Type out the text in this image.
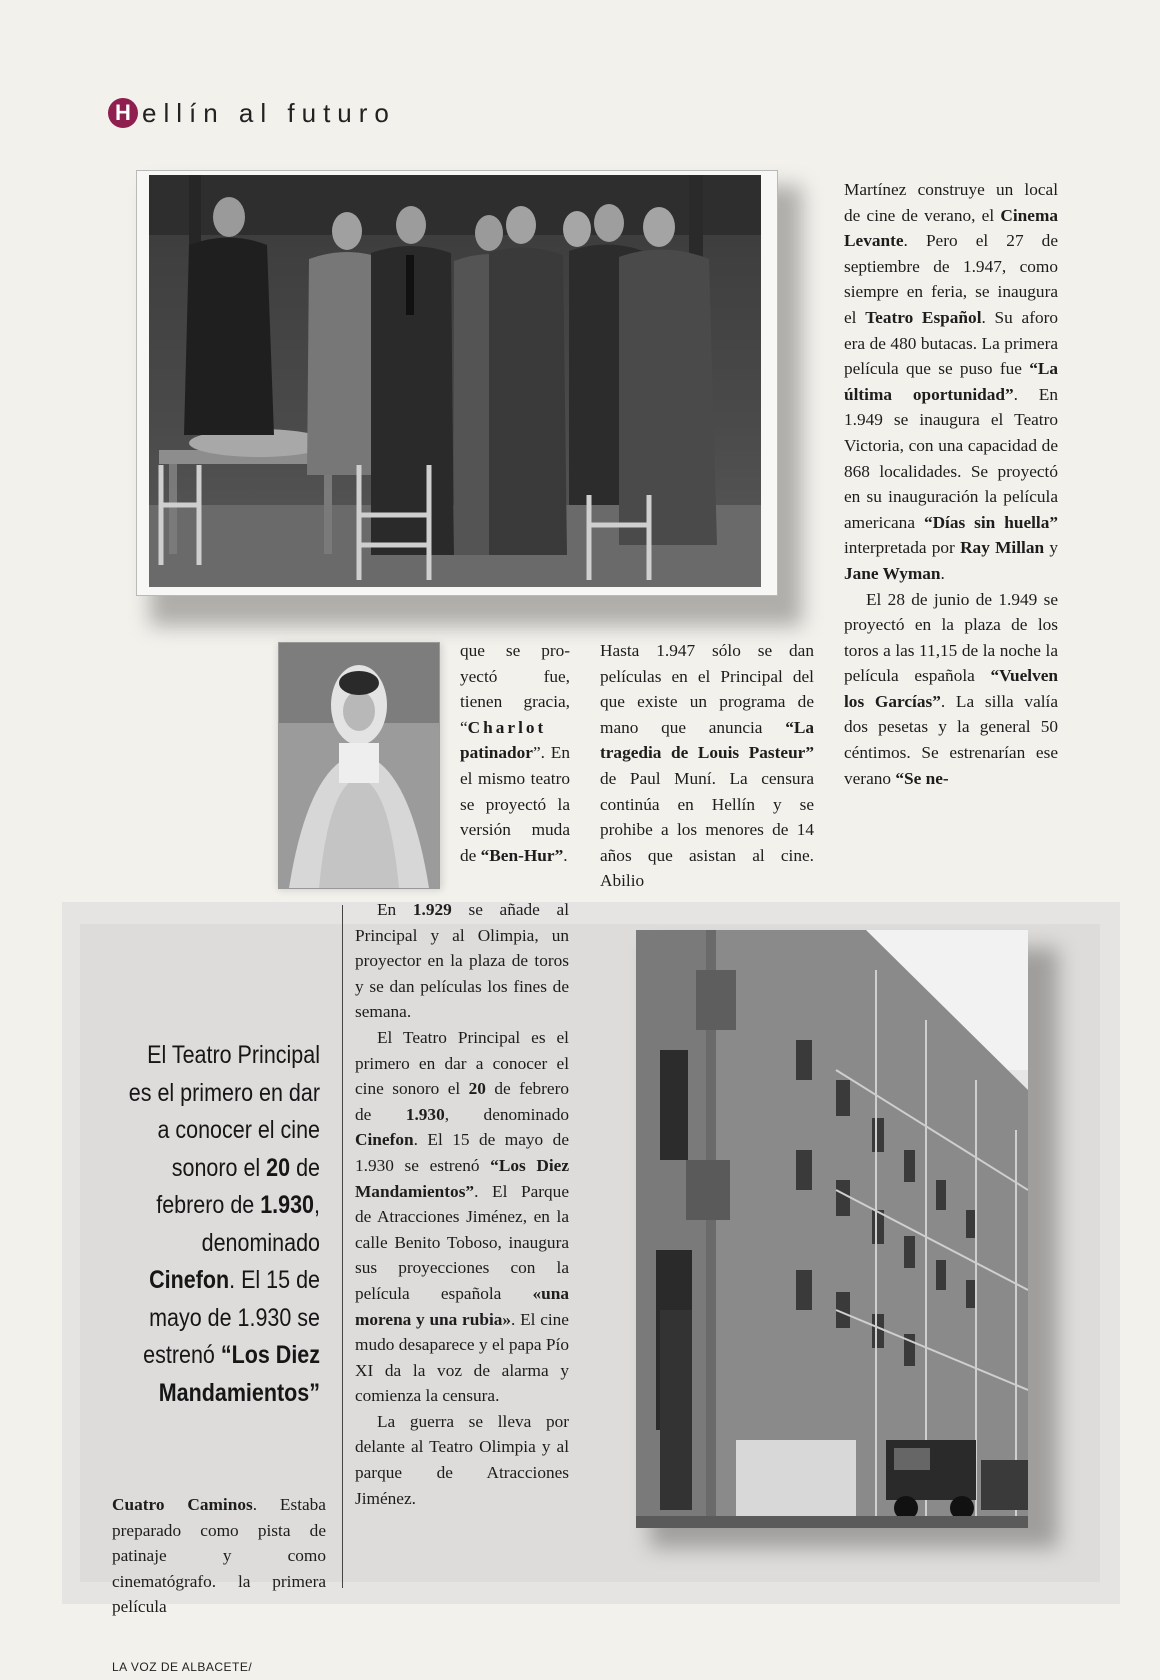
H ellín al futuro

Martínez construye un local de cine de verano, el Cinema Levante. Pero el 27 de septiembre de 1.947, como siempre en feria, se inaugura el Teatro Español. Su aforo era de 480 butacas. La primera película que se puso fue “La última oportunidad”. En 1.949 se inaugura el Teatro Victoria, con una capacidad de 868 localidades. Se proyectó en su inauguración la película americana “Días sin huella” interpretada por Ray Millan y Jane Wyman.

El 28 de junio de 1.949 se proyectó en la plaza de los toros a las 11,15 de la noche la película española “Vuelven los Garcías”. La silla valía dos pesetas y la general 50 céntimos. Se estrenarían ese verano “Se ne-

Hasta 1.947 sólo se dan películas en el Principal del que existe un programa de mano que anuncia “La tragedia de Louis Pasteur” de Paul Muní. La censura continúa en Hellín y se prohibe a los menores de 14 años que asistan al cine. Abilio

que se pro- yectó fue, tienen gracia, “Charlot patinador”. En el mismo teatro se proyectó la versión muda de “Ben-Hur”.

En 1.929 se añade al Principal y al Olimpia, un proyector en la plaza de toros y se dan películas los fines de semana.

El Teatro Principal es el primero en dar a conocer el cine sonoro el 20 de febrero de 1.930, denominado Cinefon. El 15 de mayo de 1.930 se estrenó “Los Diez Mandamientos”. El Parque de Atracciones Jiménez, en la calle Benito Toboso, inaugura sus proyecciones con la película española «una morena y una rubia». El cine mudo desaparece y el papa Pío XI da la voz de alarma y comienza la censura.

La guerra se lleva por delante al Teatro Olimpia y al parque de Atracciones Jiménez.

El Teatro Principal es el primero en dar a conocer el cine sonoro el 20 de febrero de 1.930, denominado Cinefon. El 15 de mayo de 1.930 se estrenó “Los Diez Mandamientos”

Cuatro Caminos. Estaba preparado como pista de patinaje y como cinematógrafo. la primera película

LA VOZ DE ALBACETE/
